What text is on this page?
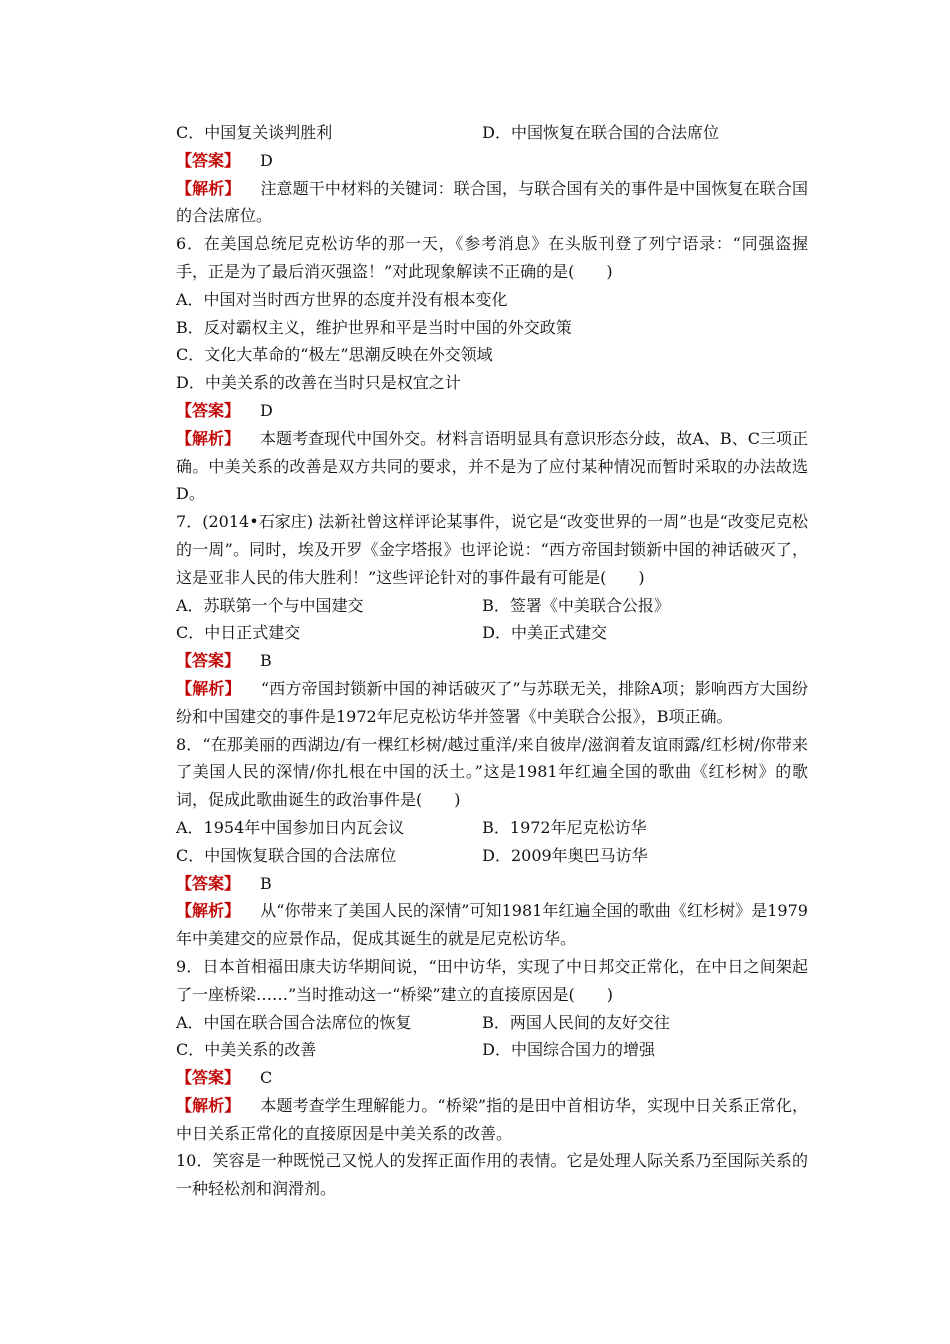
C．中国复关谈判胜利	D．中国恢复在联合国的合法席位
【答案】 D
【解析】 注意题干中材料的关键词：联合国，与联合国有关的事件是中国恢复在联合国的合法席位。
6．在美国总统尼克松访华的那一天，《参考消息》在头版刊登了列宁语录：“同强盗握手，正是为了最后消灭强盗！”对此现象解读不正确的是(　　)
A．中国对当时西方世界的态度并没有根本变化
B．反对霸权主义，维护世界和平是当时中国的外交政策
C．文化大革命的“极左”思潮反映在外交领域
D．中美关系的改善在当时只是权宜之计
【答案】 D
【解析】 本题考查现代中国外交。材料言语明显具有意识形态分歧，故A、B、C三项正确。中美关系的改善是双方共同的要求，并不是为了应付某种情况而暂时采取的办法故选D。
7．(2014•石家庄) 法新社曾这样评论某事件，说它是“改变世界的一周”也是“改变尼克松的一周”。同时，埃及开罗《金字塔报》也评论说：“西方帝国封锁新中国的神话破灭了，这是亚非人民的伟大胜利！”这些评论针对的事件最有可能是(　　)
A．苏联第一个与中国建交	B．签署《中美联合公报》
C．中日正式建交	D．中美正式建交
【答案】 B
【解析】 “西方帝国封锁新中国的神话破灭了”与苏联无关，排除A项；影响西方大国纷纷和中国建交的事件是1972年尼克松访华并签署《中美联合公报》，B项正确。
8．“在那美丽的西湖边/有一棵红杉树/越过重洋/来自彼岸/滋润着友谊雨露/红杉树/你带来了美国人民的深情/你扎根在中国的沃土。”这是1981年红遍全国的歌曲《红杉树》的歌词，促成此歌曲诞生的政治事件是(　　)
A．1954年中国参加日内瓦会议	B．1972年尼克松访华
C．中国恢复联合国的合法席位	D．2009年奥巴马访华
【答案】 B
【解析】 从“你带来了美国人民的深情”可知1981年红遍全国的歌曲《红杉树》是1979年中美建交的应景作品，促成其诞生的就是尼克松访华。
9．日本首相福田康夫访华期间说，“田中访华，实现了中日邦交正常化，在中日之间架起了一座桥梁……”当时推动这一“桥梁”建立的直接原因是(　　)
A．中国在联合国合法席位的恢复	B．两国人民间的友好交往
C．中美关系的改善	D．中国综合国力的增强
【答案】 C
【解析】 本题考查学生理解能力。“桥梁”指的是田中首相访华，实现中日关系正常化，中日关系正常化的直接原因是中美关系的改善。
10．笑容是一种既悦己又悦人的发挥正面作用的表情。它是处理人际关系乃至国际关系的一种轻松剂和润滑剂。
